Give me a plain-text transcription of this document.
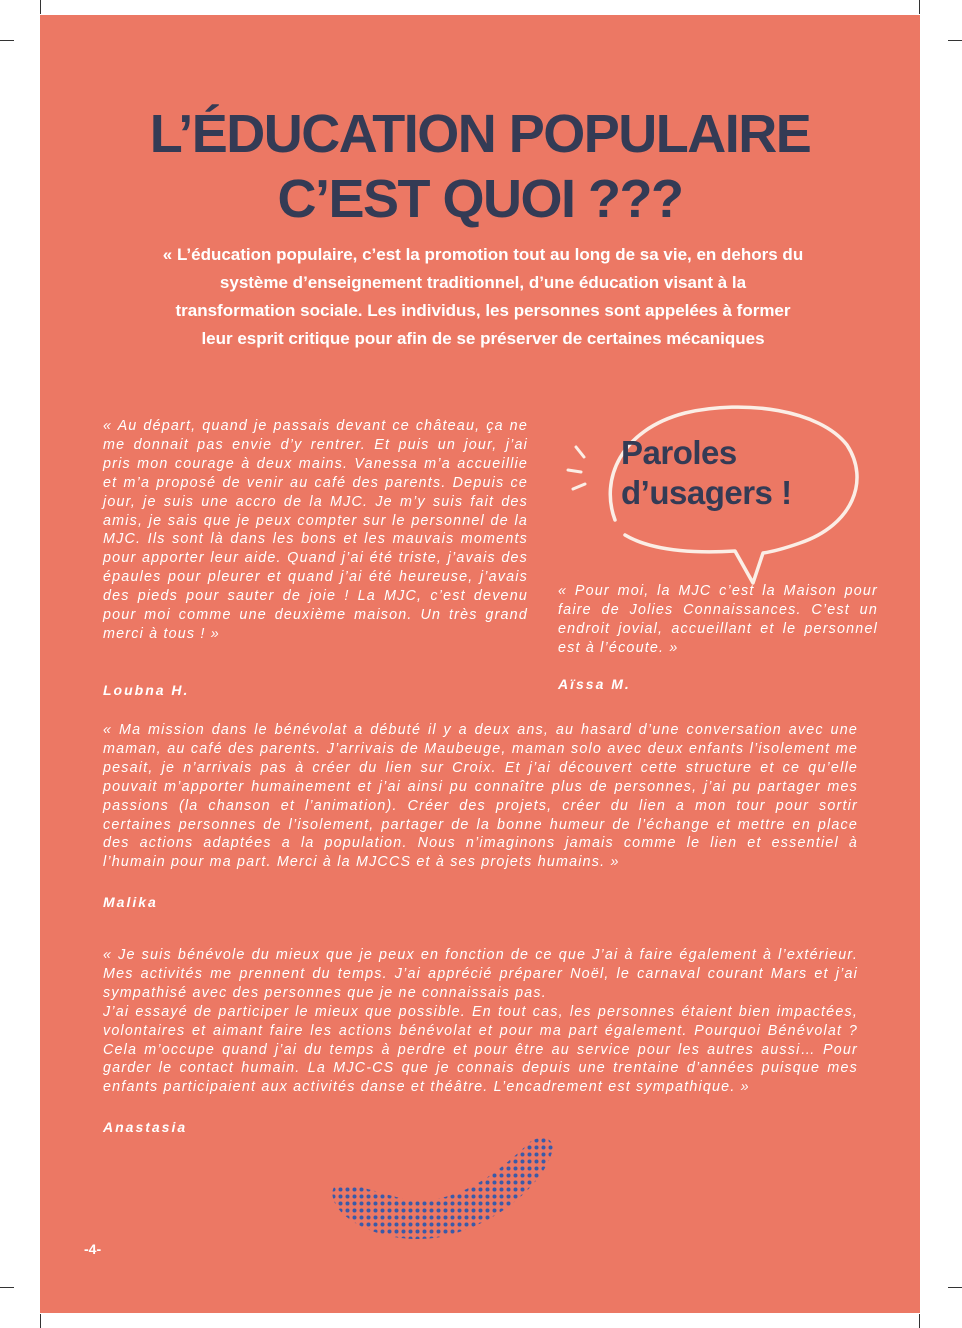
L’ÉDUCATION POPULAIRE
C’EST QUOI ???

« L’éducation populaire, c’est la promotion tout au long de sa vie, en dehors du système d’enseignement traditionnel, d’une éducation visant à la transformation sociale. Les individus, les personnes sont appelées à former leur esprit critique pour afin de se préserver de certaines mécaniques

« Au départ, quand je passais devant ce château, ça ne me donnait pas envie d’y rentrer. Et puis un jour, j’ai pris mon courage à deux mains. Vanessa m’a accueillie et m’a proposé de venir au café des parents. Depuis ce jour, je suis une accro de la MJC. Je m’y suis fait des amis, je sais que je peux compter sur le personnel de la MJC. Ils sont là dans les bons et les mauvais moments pour apporter leur aide. Quand j’ai été triste, j’avais des épaules pour pleurer et quand j’ai été heureuse, j’avais des pieds pour sauter de joie ! La MJC, c’est devenu pour moi comme une deuxième maison. Un très grand merci à tous ! »

Loubna H.

Paroles
d’usagers !

« Pour moi, la MJC c’est la Maison pour faire de Jolies Connaissances. C’est un endroit jovial, accueillant et le personnel est à l’écoute. »

Aïssa M.

« Ma mission dans le bénévolat a débuté il y a deux ans, au hasard d’une conversation avec une maman, au café des parents. J’arrivais de Maubeuge, maman solo avec deux enfants l’isolement me pesait, je n’arrivais pas à créer du lien sur Croix. Et j’ai découvert cette structure et ce qu’elle pouvait m’apporter humainement et j’ai ainsi pu connaître plus de personnes, j’ai pu partager mes passions (la chanson et l’animation). Créer des projets, créer du lien a mon tour pour sortir certaines personnes de l’isolement, partager de la bonne humeur de l’échange et mettre en place des actions adaptées a la population. Nous n’imaginons jamais comme le lien et essentiel à l’humain pour ma part. Merci à la MJCCS et à ses projets humains. »

Malika

« Je suis bénévole du mieux que je peux en fonction de ce que J’ai à faire également à l’extérieur. Mes activités me prennent du temps. J’ai apprécié préparer Noël, le carnaval courant Mars et j’ai sympathisé avec des personnes que je ne connaissais pas.
J’ai essayé de participer le mieux que possible. En tout cas, les personnes étaient bien impactées, volontaires et aimant faire les actions bénévolat et pour ma part également. Pourquoi Bénévolat ? Cela m’occupe quand j’ai du temps à perdre et pour être au service pour les autres aussi… Pour garder le contact humain. La MJC-CS que je connais depuis une trentaine d’années puisque mes enfants participaient aux activités danse et théâtre. L’encadrement est sympathique. »

Anastasia

-4-
